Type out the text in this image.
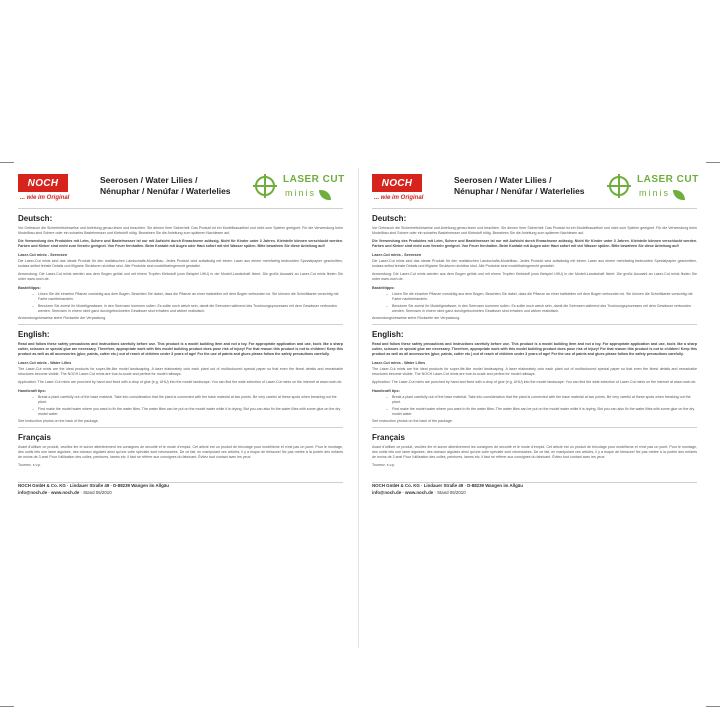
NOCH
... wie im Original
Seerosen / Water Lilies /
Nénuphar / Nenúfar / Waterlelies
LASER CUT
minis
Deutsch:

Vor Gebrauch die Sicherheitshinweise und Anleitung genau lesen und beachten. Sie dienen Ihrer Sicherheit. Das Produkt ist ein Modellbauartikel und nicht zum Spielen geeignet. Für die Verwendung beim Modellbau sind Schere oder ein scharfes Bastelmesser und Klebstoff nötig. Bewahren Sie die Anleitung zum späteren Nachlesen auf.

Die Verwendung des Produktes mit Leim, Schere und Bastelmesser ist nur mit Aufsicht durch Erwachsene zulässig. Nicht für Kinder unter 3 Jahren. Kleinteile können verschluckt werden. Farben und Kleber sind nicht zum Verzehr geeignet. Von Feuer fernhalten. Beim Kontakt mit Augen oder Haut sofort mit viel Wasser spülen. Bitte bewahren Sie diese Anleitung auf!

Laser-Cut minis - Seerosen

Die Laser-Cut minis sind das ideale Produkt für den realistischen Landschafts-Modellbau. Jedes Produkt wird aufwändig mit einem Laser aus einem mehrfarbig bedruckten Spezialpapier geschnitten, sodass selbst feinste Details und filigrane Strukturen sichtbar sind. Alle Produkte sind modellbahngerecht gestaltet.

Anwendung: Die Laser-Cut minis werden aus dem Bogen gelöst und mit einem Tropfen Klebstoff (zum Beispiel UHU) in der Modell-Landschaft fixiert. Die große Auswahl an Laser-Cut minis finden Sie unter www.noch.de.

Bastelitipps:
– Lösen Sie die einzelne Pflanze vorsichtig aus dem Bogen. Beachten Sie dabei, dass die Pflanze an einer haltstellen mit dem Bogen verbunden ist. Sie können die Schnittkante vorsichtig mit Farbe nachbehandeln.
– Benutzen Sie zuerst Ihr Modellgewässer, in den Seerosen kommen sollen. Es sollte noch weich sein, damit die Seerosen während des Trocknungsprozesses mit dem Gewässer verbunden werden. Seerosen in einem nicht ganz durchgetrockneten Gewässer sind erhaben und wirken realistisch.

Anwendungshinweise siehe Rückseite der Verpackung.

English:

Read and follow these safety precautions and instructions carefully before use. This product is a model building item and not a toy. For appropriate application and use, tools like a sharp cutter, scissors or special glue are necessary. Therefore, appropriate work with this model building product does pose risk of injury! For that reason this product is not to children! Keep this product as well as all accessories (glue, paints, cutter etc.) out of reach of children under 3 years of age! For the use of paints and glues please follow the safety precautions carefully.

Laser-Cut minis - Water Lilies

The Laser-Cut minis are the ideal products for super-life-like model landscaping. A laser elaborately cuts each plant out of multicoloured special paper so that even the finest details and remarkable structures become visible. The NOCH Laser-Cut minis are true-to-scale and perfect for model railways.

Application: The Laser-Cut minis are punched by hand and fixed with a drop of glue (e.g. UHU) into the model landscape. You can find the wide selection of Laser-Cut minis on the internet at www.noch.de.

Handicraft tips:
– Break a plant carefully out of the base material. Take into consideration that the plant is connected with the base material at two points. Be very careful at these spots when breaking out the plant.
– First make the model water where you want to fix the water lilies. The water lilies can be put on the model water while it is drying. But you can also fix the water lilies with some glue on the dry model water.

See instruction photos on the back of the package.

Français

Avant d'utiliser ce produit, veuillez lire et suivre attentivement les consignes de sécurité et le mode d'emploi. Cet article est un produit de bricolage pour modélisme et n'est pas un jouet. Pour le montage, des outils tels une lame aiguisée, des ciseaux aiguisés ainsi qu'une colle spéciale sont nécessaires. De ce fait, en manipulant ces articles, il y a risque de blessure! Ne pas mettre à la portée des enfants de moins de 3 ans! Pour l'utilisation des colles, peintures, lames etc. il faut se référer aux consignes du fabricant. Évitez tout contact avec les yeux.

Tournez, s.v.p.

NOCH GmbH & Co. KG · Lindauer Straße 49 · D-88239 Wangen im Allgäu
info@noch.de · www.noch.de · Stand 06/2010
NOCH
... wie im Original
Seerosen / Water Lilies /
Nénuphar / Nenúfar / Waterlelies
LASER CUT
minis
Deutsch:

Vor Gebrauch die Sicherheitshinweise und Anleitung genau lesen und beachten. Sie dienen Ihrer Sicherheit. Das Produkt ist ein Modellbauartikel und nicht zum Spielen geeignet. Für die Verwendung beim Modellbau sind Schere oder ein scharfes Bastelmesser und Klebstoff nötig. Bewahren Sie die Anleitung zum späteren Nachlesen auf.

Die Verwendung des Produktes mit Leim, Schere und Bastelmesser ist nur mit Aufsicht durch Erwachsene zulässig. Nicht für Kinder unter 3 Jahren. Kleinteile können verschluckt werden. Farben und Kleber sind nicht zum Verzehr geeignet. Von Feuer fernhalten. Beim Kontakt mit Augen oder Haut sofort mit viel Wasser spülen. Bitte bewahren Sie diese Anleitung auf!

Laser-Cut minis - Seerosen

Die Laser-Cut minis sind das ideale Produkt für den realistischen Landschafts-Modellbau. Jedes Produkt wird aufwändig mit einem Laser aus einem mehrfarbig bedruckten Spezialpapier geschnitten, sodass selbst feinste Details und filigrane Strukturen sichtbar sind. Alle Produkte sind modellbahngerecht gestaltet.

Anwendung: Die Laser-Cut minis werden aus dem Bogen gelöst und mit einem Tropfen Klebstoff (zum Beispiel UHU) in der Modell-Landschaft fixiert. Die große Auswahl an Laser-Cut minis finden Sie unter www.noch.de.

Bastelitipps:
– Lösen Sie die einzelne Pflanze vorsichtig aus dem Bogen. Beachten Sie dabei, dass die Pflanze an einer haltstellen mit dem Bogen verbunden ist. Sie können die Schnittkante vorsichtig mit Farbe nachbehandeln.
– Benutzen Sie zuerst Ihr Modellgewässer, in den Seerosen kommen sollen. Es sollte noch weich sein, damit die Seerosen während des Trocknungsprozesses mit dem Gewässer verbunden werden. Seerosen in einem nicht ganz durchgetrockneten Gewässer sind erhaben und wirken realistisch.

Anwendungshinweise siehe Rückseite der Verpackung.

English:

Read and follow these safety precautions and instructions carefully before use. This product is a model building item and not a toy. For appropriate application and use, tools like a sharp cutter, scissors or special glue are necessary. Therefore, appropriate work with this model building product does pose risk of injury! For that reason this product is not to children! Keep this product as well as all accessories (glue, paints, cutter etc.) out of reach of children under 3 years of age! For the use of paints and glues please follow the safety precautions carefully.

Laser-Cut minis - Water Lilies

The Laser-Cut minis are the ideal products for super-life-like model landscaping. A laser elaborately cuts each plant out of multicoloured special paper so that even the finest details and remarkable structures become visible. The NOCH Laser-Cut minis are true-to-scale and perfect for model railways.

Application: The Laser-Cut minis are punched by hand and fixed with a drop of glue (e.g. UHU) into the model landscape. You can find the wide selection of Laser-Cut minis on the internet at www.noch.de.

Handicraft tips:
– Break a plant carefully out of the base material. Take into consideration that the plant is connected with the base material at two points. Be very careful at these spots when breaking out the plant.
– First make the model water where you want to fix the water lilies. The water lilies can be put on the model water while it is drying. But you can also fix the water lilies with some glue on the dry model water.

See instruction photos on the back of the package.

Français

Avant d'utiliser ce produit, veuillez lire et suivre attentivement les consignes de sécurité et le mode d'emploi. Cet article est un produit de bricolage pour modélisme et n'est pas un jouet. Pour le montage, des outils tels une lame aiguisée, des ciseaux aiguisés ainsi qu'une colle spéciale sont nécessaires. De ce fait, en manipulant ces articles, il y a risque de blessure! Ne pas mettre à la portée des enfants de moins de 3 ans! Pour l'utilisation des colles, peintures, lames etc. il faut se référer aux consignes du fabricant. Évitez tout contact avec les yeux.

Tournez, s.v.p.

NOCH GmbH & Co. KG · Lindauer Straße 49 · D-88239 Wangen im Allgäu
info@noch.de · www.noch.de · Stand 06/2010
